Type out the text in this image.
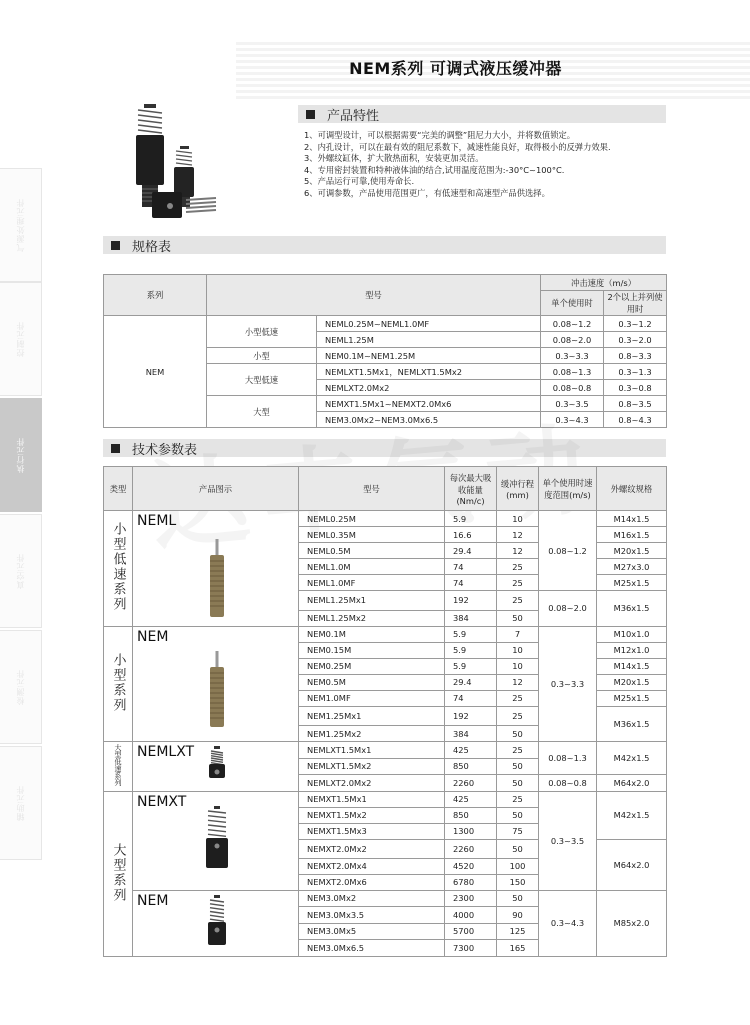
气源处理元件
控制元件
执行元件
真空元件
检测元件
辅助元件
NEM系列 可调式液压缓冲器
产品特性
1、可调型设计，可以根据需要“完美的调整”阻尼力大小，并将数值锁定。
2、内孔设计，可以在最有效的阻尼系数下，减速性能良好，取得极小的反弹力效果.
3、外螺纹缸体，扩大散热面积，安装更加灵活。
4、专用密封装置和特种液体油的结合,试用温度范围为:-30°C~100°C.
5、产品运行可靠,使用寿命长.
6、可调参数，产品使用范围更广，有低速型和高速型产品供选择。
规格表
系列	型号		冲击速度（m/s）	
			单个使用时	2个以上并列使用时
NEM	小型低速	NEML0.25M~NEML1.0MF	0.08~1.2	0.3~1.2
		NEML1.25M	0.08~2.0	0.3~2.0
	小型	NEM0.1M~NEM1.25M	0.3~3.3	0.8~3.3
	大型低速	NEMLXT1.5Mx1，NEMLXT1.5Mx2	0.08~1.3	0.3~1.3
		NEMLXT2.0Mx2	0.08~0.8	0.3~0.8
	大型	NEMXT1.5Mx1~NEMXT2.0Mx6	0.3~3.5	0.8~3.5
		NEM3.0Mx2~NEM3.0Mx6.5	0.3~4.3	0.8~4.3
技术参数表
类型	产品图示	型号	每次最大吸收能量(Nm/c)	缓冲行程(mm)	单个使用时速度范围(m/s)	外螺纹规格
小型低速系列	NEML	NEML0.25M	5.9	10	0.08~1.2	M14x1.5
		NEML0.35M	16.6	12		M16x1.5
		NEML0.5M	29.4	12		M20x1.5
		NEML1.0M	74	25		M27x3.0
		NEML1.0MF	74	25		M25x1.5
		NEML1.25Mx1	192	25	0.08~2.0	M36x1.5
		NEML1.25Mx2	384	50		
小型系列	NEM	NEM0.1M	5.9	7	0.3~3.3	M10x1.0
		NEM0.15M	5.9	10		M12x1.0
		NEM0.25M	5.9	10		M14x1.5
		NEM0.5M	29.4	12		M20x1.5
		NEM1.0MF	74	25		M25x1.5
		NEM1.25Mx1	192	25		M36x1.5
		NEM1.25Mx2	384	50		
大型低速系列	NEMLXT	NEMLXT1.5Mx1	425	25	0.08~1.3	M42x1.5
		NEMLXT1.5Mx2	850	50		
		NEMLXT2.0Mx2	2260	50	0.08~0.8	M64x2.0
大型系列	NEMXT	NEMXT1.5Mx1	425	25	0.3~3.5	M42x1.5
		NEMXT1.5Mx2	850	50		
		NEMXT1.5Mx3	1300	75		
		NEMXT2.0Mx2	2260	50		M64x2.0
		NEMXT2.0Mx4	4520	100		
		NEMXT2.0Mx6	6780	150		

	NEM	NEM3.0Mx2	2300	50	0.3~4.3	M85x2.0
		NEM3.0Mx3.5	4000	90		
		NEM3.0Mx5	5700	125		
		NEM3.0Mx6.5	7300	165		
